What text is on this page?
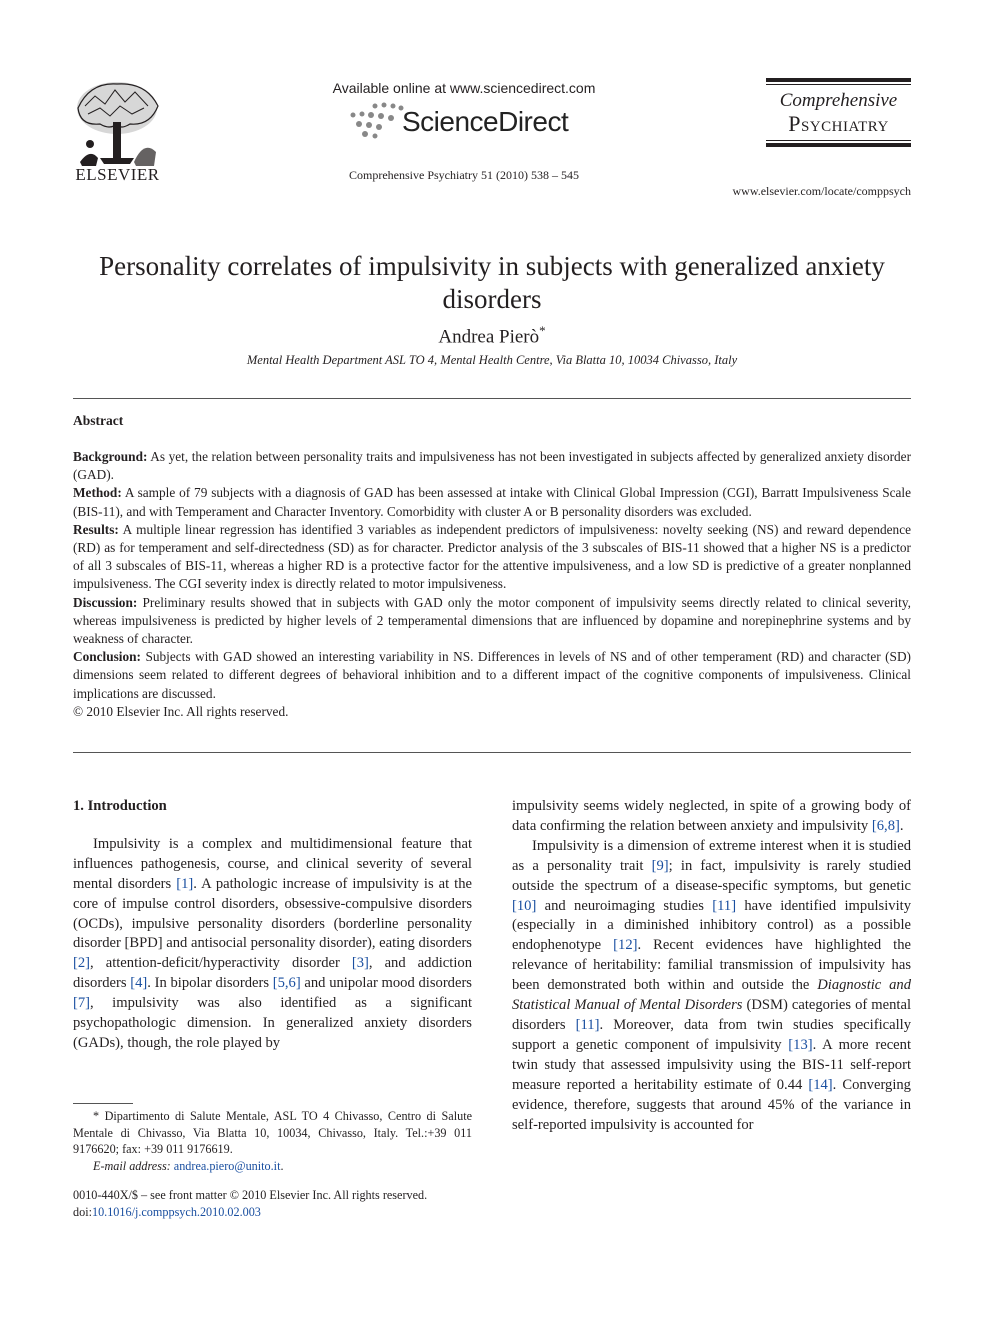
ELSEVIER
Available online at www.sciencedirect.com
ScienceDirect
Comprehensive Psychiatry 51 (2010) 538 – 545
Comprehensive
Psychiatry
www.elsevier.com/locate/comppsych
Personality correlates of impulsivity in subjects with generalized anxiety disorders
Andrea Pierò*
Mental Health Department ASL TO 4, Mental Health Centre, Via Blatta 10, 10034 Chivasso, Italy
Abstract

Background: As yet, the relation between personality traits and impulsiveness has not been investigated in subjects affected by generalized anxiety disorder (GAD).

Method: A sample of 79 subjects with a diagnosis of GAD has been assessed at intake with Clinical Global Impression (CGI), Barratt Impulsiveness Scale (BIS-11), and with Temperament and Character Inventory. Comorbidity with cluster A or B personality disorders was excluded.

Results: A multiple linear regression has identified 3 variables as independent predictors of impulsiveness: novelty seeking (NS) and reward dependence (RD) as for temperament and self-directedness (SD) as for character. Predictor analysis of the 3 subscales of BIS-11 showed that a higher NS is a predictor of all 3 subscales of BIS-11, whereas a higher RD is a protective factor for the attentive impulsiveness, and a low SD is predictive of a greater nonplanned impulsiveness. The CGI severity index is directly related to motor impulsiveness.

Discussion: Preliminary results showed that in subjects with GAD only the motor component of impulsivity seems directly related to clinical severity, whereas impulsiveness is predicted by higher levels of 2 temperamental dimensions that are influenced by dopamine and norepinephrine systems and by weakness of character.

Conclusion: Subjects with GAD showed an interesting variability in NS. Differences in levels of NS and of other temperament (RD) and character (SD) dimensions seem related to different degrees of behavioral inhibition and to a different impact of the cognitive components of impulsiveness. Clinical implications are discussed.

© 2010 Elsevier Inc. All rights reserved.

1. Introduction

Impulsivity is a complex and multidimensional feature that influences pathogenesis, course, and clinical severity of several mental disorders [1]. A pathologic increase of impulsivity is at the core of impulse control disorders, obsessive-compulsive disorders (OCDs), impulsive personality disorders (borderline personality disorder [BPD] and antisocial personality disorder), eating disorders [2], attention-deficit/hyperactivity disorder [3], and addiction disorders [4]. In bipolar disorders [5,6] and unipolar mood disorders [7], impulsivity was also identified as a significant psychopathologic dimension. In generalized anxiety disorders (GADs), though, the role played by

* Dipartimento di Salute Mentale, ASL TO 4 Chivasso, Centro di Salute Mentale di Chivasso, Via Blatta 10, 10034, Chivasso, Italy. Tel.:+39 011 9176620; fax: +39 011 9176619.

E-mail address: andrea.piero@unito.it.

0010-440X/$ – see front matter © 2010 Elsevier Inc. All rights reserved.

doi:10.1016/j.comppsych.2010.02.003

impulsivity seems widely neglected, in spite of a growing body of data confirming the relation between anxiety and impulsivity [6,8].

Impulsivity is a dimension of extreme interest when it is studied as a personality trait [9]; in fact, impulsivity is rarely studied outside the spectrum of a disease-specific symptoms, but genetic [10] and neuroimaging studies [11] have identified impulsivity (especially in a diminished inhibitory control) as a possible endophenotype [12]. Recent evidences have highlighted the relevance of heritability: familial transmission of impulsivity has been demonstrated both within and outside the Diagnostic and Statistical Manual of Mental Disorders (DSM) categories of mental disorders [11]. Moreover, data from twin studies specifically support a genetic component of impulsivity [13]. A more recent twin study that assessed impulsivity using the BIS-11 self-report measure reported a heritability estimate of 0.44 [14]. Converging evidence, therefore, suggests that around 45% of the variance in self-reported impulsivity is accounted for
